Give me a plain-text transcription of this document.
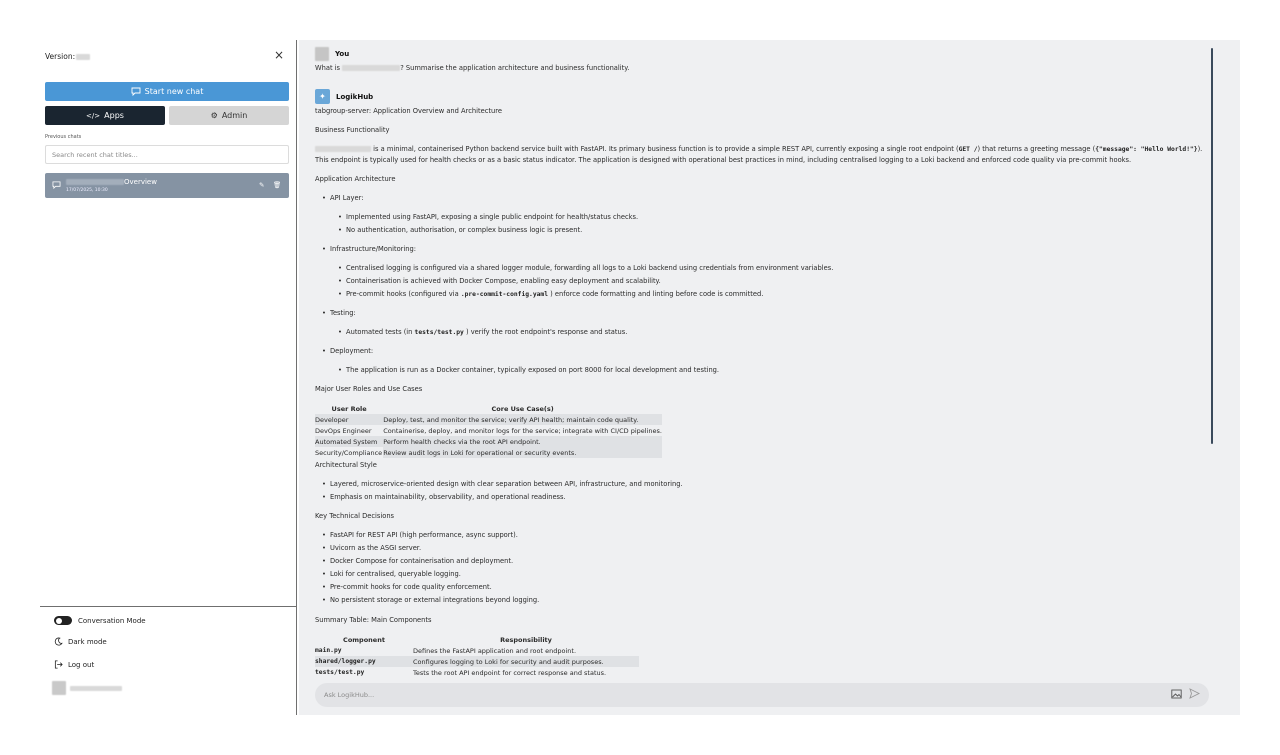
Version:	×
Start new chat
</> Apps	⚙ Admin
Previous chats
Search recent chat titles...
Overview
17/07/2025, 10:30
✎ 🗑
Conversation Mode
Dark mode
Log out
You
What is	? Summarise the application architecture and business functionality.
✦	LogikHub
tabgroup-server: Application Overview and Architecture
Business Functionality
is a minimal, containerised Python backend service built with FastAPI. Its primary business function is to provide a simple REST API, currently exposing a single root endpoint (GET /) that returns a greeting message ({"message": "Hello World!"}).
This endpoint is typically used for health checks or as a basic status indicator. The application is designed with operational best practices in mind, including centralised logging to a Loki backend and enforced code quality via pre-commit hooks.
Application Architecture
• API Layer:
• Implemented using FastAPI, exposing a single public endpoint for health/status checks.
• No authentication, authorisation, or complex business logic is present.
• Infrastructure/Monitoring:
• Centralised logging is configured via a shared logger module, forwarding all logs to a Loki backend using credentials from environment variables.
• Containerisation is achieved with Docker Compose, enabling easy deployment and scalability.
• Pre-commit hooks (configured via .pre-commit-config.yaml ) enforce code formatting and linting before code is committed.
• Testing:
• Automated tests (in tests/test.py ) verify the root endpoint's response and status.
• Deployment:
• The application is run as a Docker container, typically exposed on port 8000 for local development and testing.
Major User Roles and Use Cases
User Role	Core Use Case(s)
Developer	Deploy, test, and monitor the service; verify API health; maintain code quality.
DevOps Engineer	Containerise, deploy, and monitor logs for the service; integrate with CI/CD pipelines.
Automated System	Perform health checks via the root API endpoint.
Security/Compliance	Review audit logs in Loki for operational or security events.
Architectural Style
• Layered, microservice-oriented design with clear separation between API, infrastructure, and monitoring.
• Emphasis on maintainability, observability, and operational readiness.
Key Technical Decisions
• FastAPI for REST API (high performance, async support).
• Uvicorn as the ASGI server.
• Docker Compose for containerisation and deployment.
• Loki for centralised, queryable logging.
• Pre-commit hooks for code quality enforcement.
• No persistent storage or external integrations beyond logging.
Summary Table: Main Components
Component	Responsibility
main.py	Defines the FastAPI application and root endpoint.
shared/logger.py	Configures logging to Loki for security and audit purposes.
tests/test.py	Tests the root API endpoint for correct response and status.
Ask LogikHub...
